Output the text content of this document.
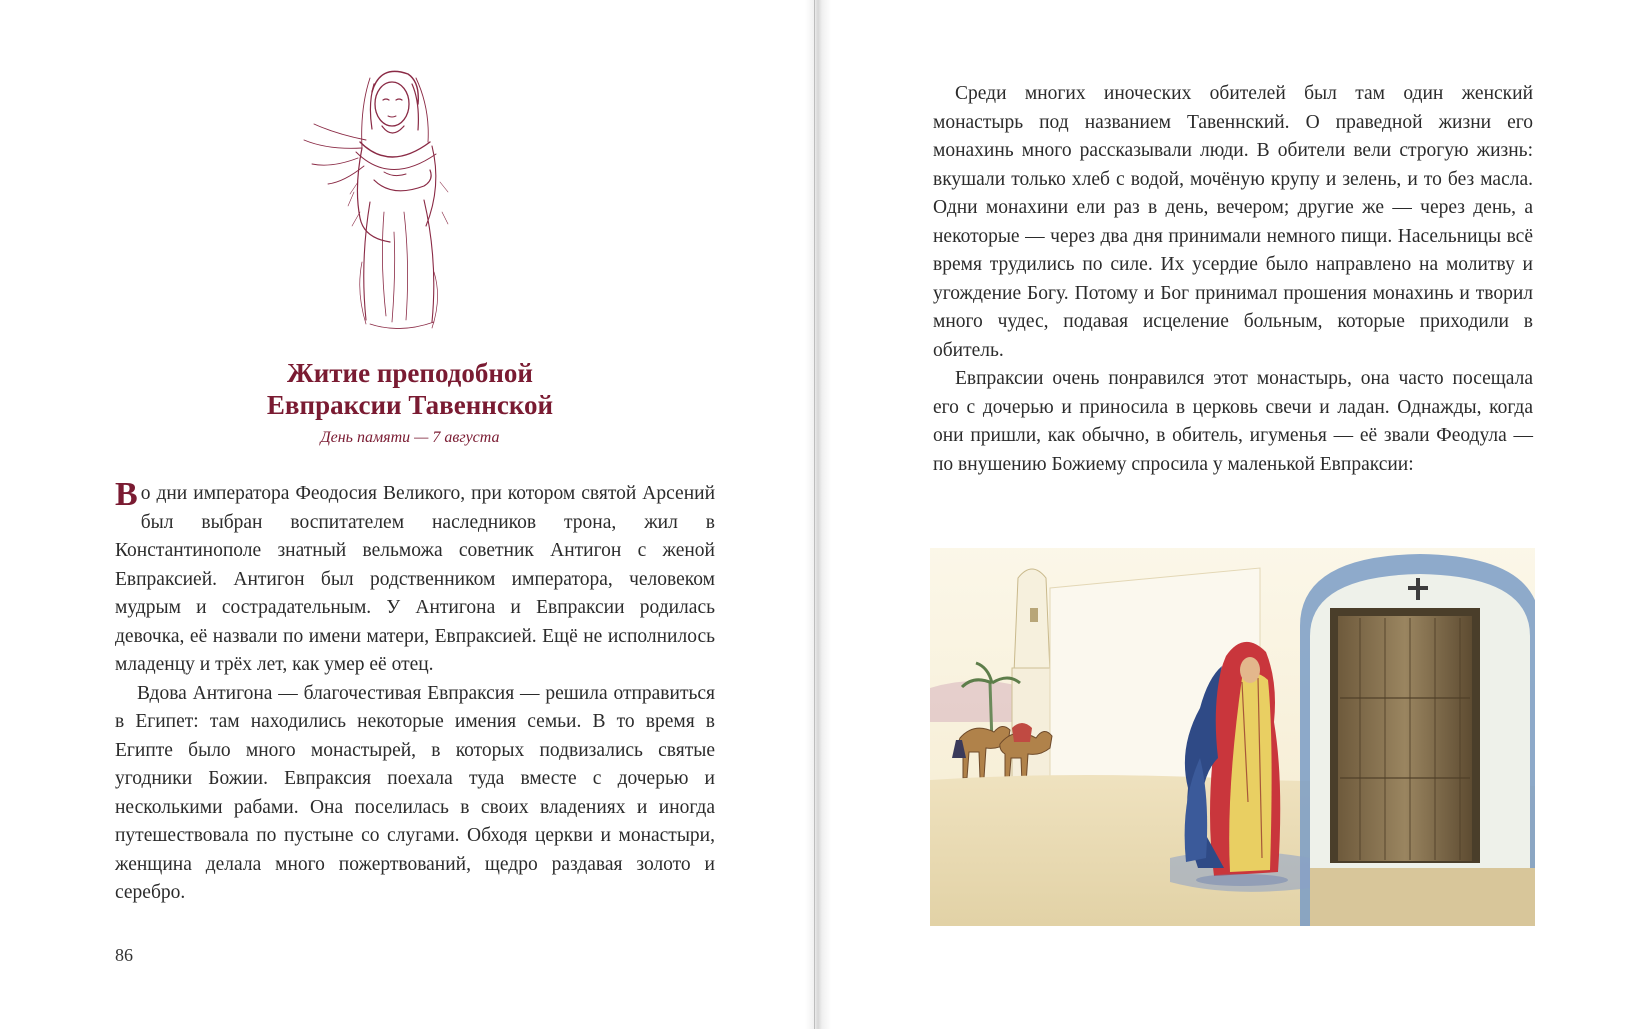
Житие преподобной
Евпраксии Тавеннской
День памяти — 7 августа

Во дни императора Феодосия Великого, при котором святой Арсений был выбран воспитателем наследников трона, жил в Константинополе знатный вельможа советник Антигон с женой Евпраксией. Антигон был родственником императора, человеком мудрым и сострадательным. У Антигона и Евпраксии родилась девочка, её назвали по имени матери, Евпраксией. Ещё не исполнилось младенцу и трёх лет, как умер её отец.

Вдова Антигона — благочестивая Евпраксия — решила отправиться в Египет: там находились некоторые имения семьи. В то время в Египте было много монастырей, в которых подвизались святые угодники Божии. Евпраксия поехала туда вместе с дочерью и несколькими рабами. Она поселилась в своих владениях и иногда путешествовала по пустыне со слугами. Обходя церкви и монастыри, женщина делала много пожертвований, щедро раздавая золото и серебро.

86

Среди многих иноческих обителей был там один женский монастырь под названием Тавеннский. О праведной жизни его монахинь много рассказывали люди. В обители вели строгую жизнь: вкушали только хлеб с водой, мочёную крупу и зелень, и то без масла. Одни монахини ели раз в день, вечером; другие же — через день, а некоторые — через два дня принимали немного пищи. Насельницы всё время трудились по силе. Их усердие было направлено на молитву и угождение Богу. Потому и Бог принимал прошения монахинь и творил много чудес, подавая исцеление больным, которые приходили в обитель.

Евпраксии очень понравился этот монастырь, она часто посещала его с дочерью и приносила в церковь свечи и ладан. Однажды, когда они пришли, как обычно, в обитель, игуменья — её звали Феодула — по внушению Божиему спросила у маленькой Евпраксии:
